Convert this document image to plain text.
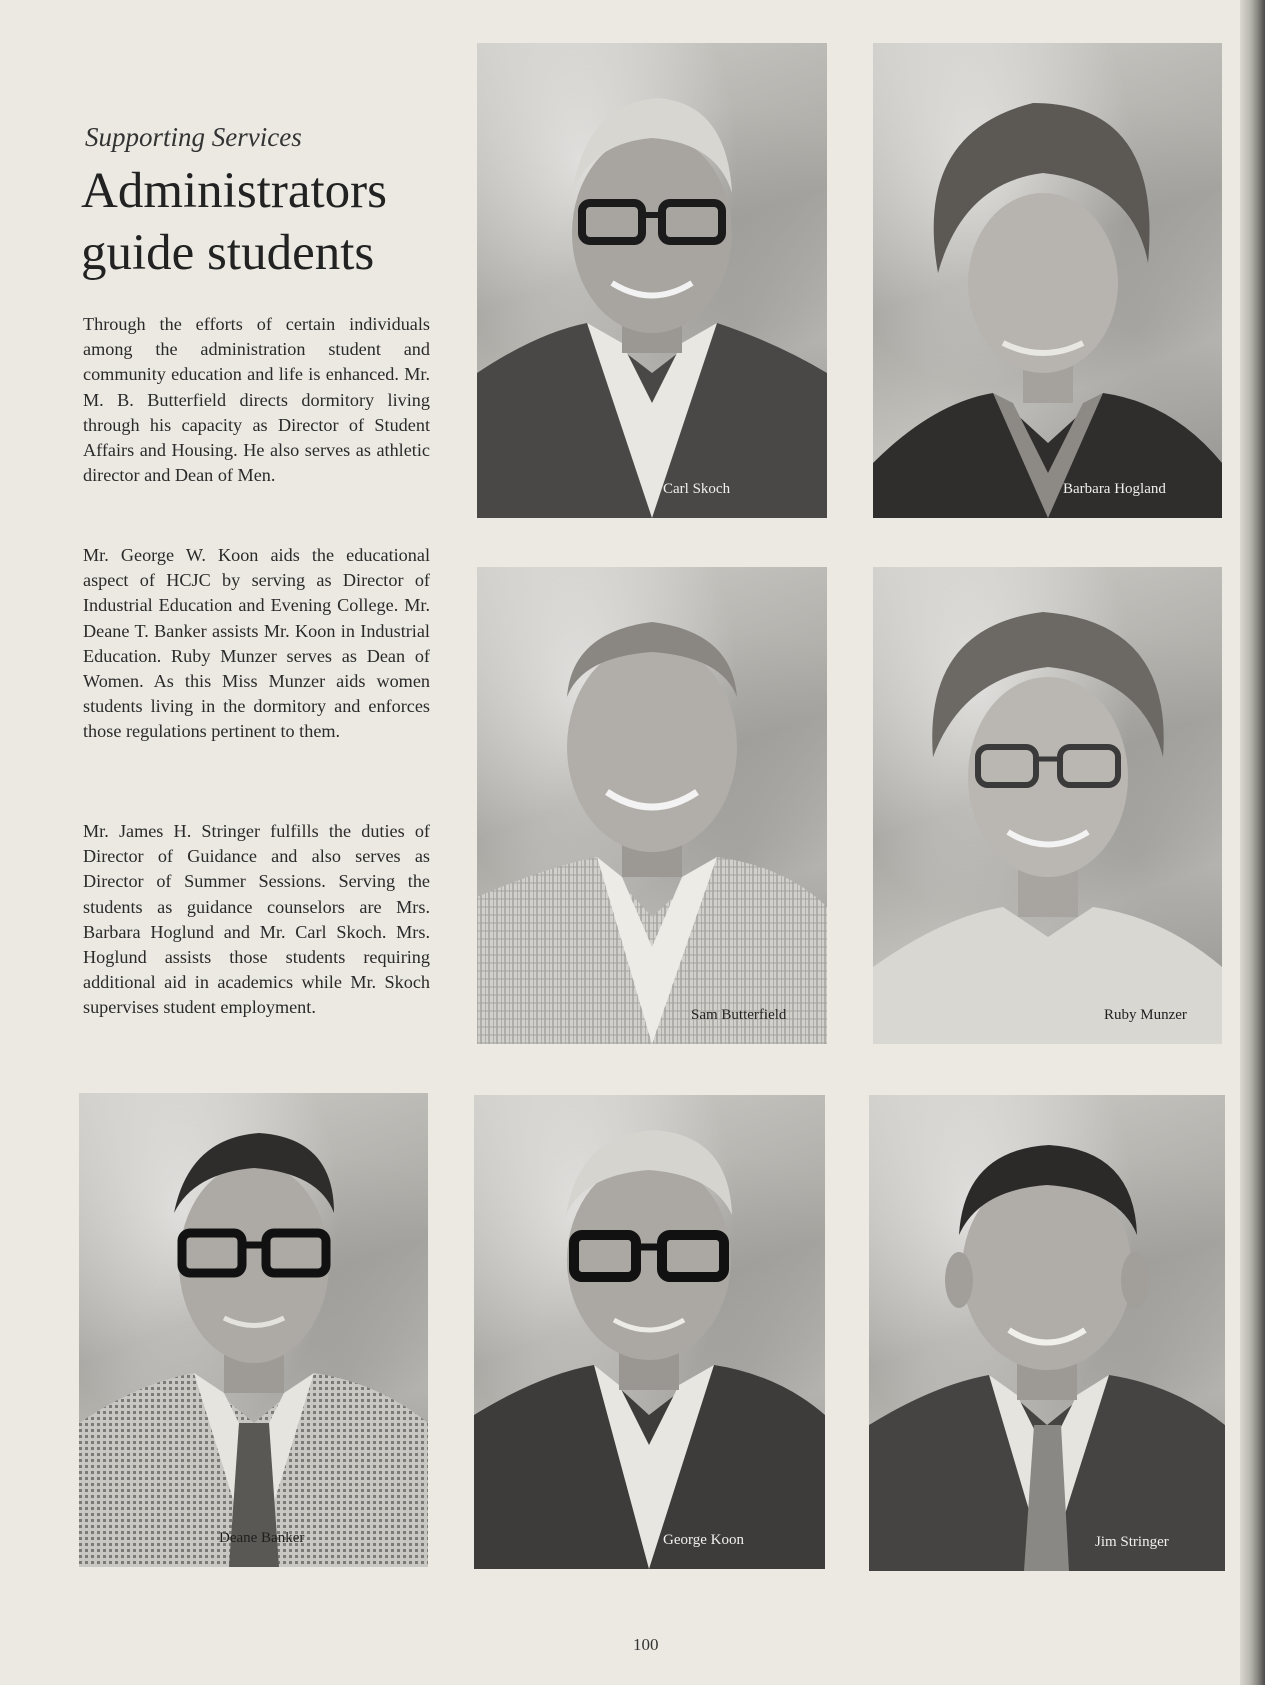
Supporting Services
Administrators
guide students

Through the efforts of certain individuals among the administration student and community education and life is enhanced. Mr. M. B. Butterfield directs dormitory living through his capacity as Director of Student Affairs and Housing. He also serves as athletic director and Dean of Men.

Mr. George W. Koon aids the educational aspect of HCJC by serving as Director of Industrial Education and Evening College. Mr. Deane T. Banker assists Mr. Koon in Industrial Education. Ruby Munzer serves as Dean of Women. As this Miss Munzer aids women students living in the dormitory and enforces those regulations pertinent to them.

Mr. James H. Stringer fulfills the duties of Director of Guidance and also serves as Director of Summer Sessions. Serving the students as guidance counselors are Mrs. Barbara Hoglund and Mr. Carl Skoch. Mrs. Hoglund assists those students requiring additional aid in academics while Mr. Skoch supervises student employment.

Carl Skoch	Barbara Hogland
Sam Butterfield	Ruby Munzer
Deane Banker	George Koon	Jim Stringer
100
